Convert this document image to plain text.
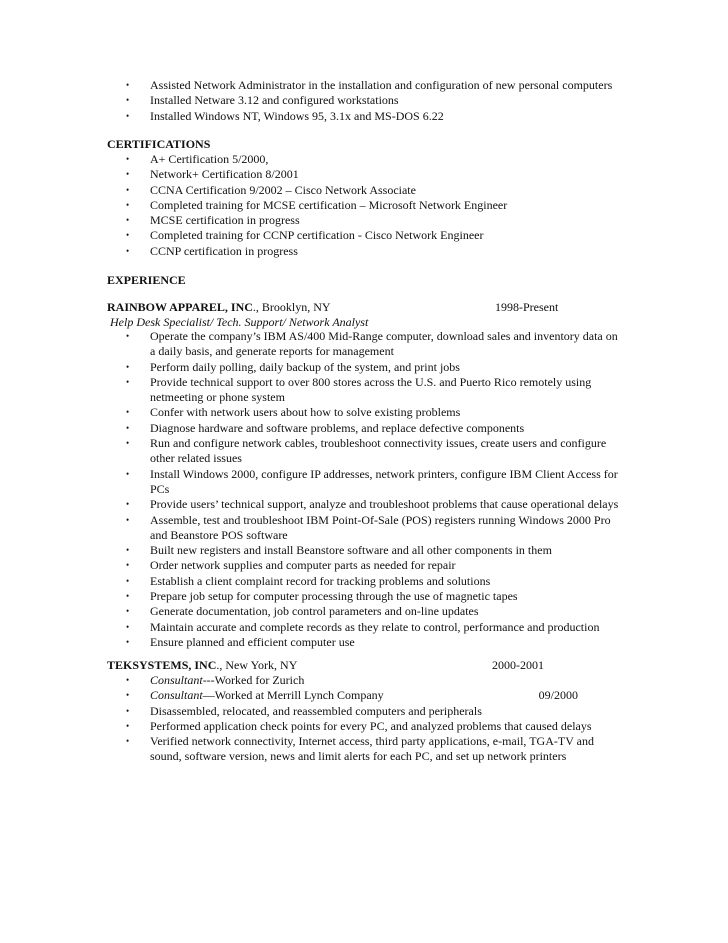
• Assisted Network Administrator in the installation and configuration of new personal computers
• Installed Netware 3.12 and configured workstations
• Installed Windows NT, Windows 95, 3.1x and MS-DOS 6.22
CERTIFICATIONS
• A+ Certification 5/2000,
• Network+ Certification 8/2001
• CCNA Certification 9/2002 – Cisco Network Associate
• Completed training for MCSE certification – Microsoft Network Engineer
• MCSE certification in progress
• Completed training for CCNP certification - Cisco Network Engineer
• CCNP certification in progress
EXPERIENCE
RAINBOW APPAREL, INC., Brooklyn, NY	1998-Present
Help Desk Specialist/ Tech. Support/ Network Analyst
• Operate the company’s IBM AS/400 Mid-Range computer, download sales and inventory data on a daily basis, and generate reports for management
• Perform daily polling, daily backup of the system, and print jobs
• Provide technical support to over 800 stores across the U.S. and Puerto Rico remotely using netmeeting or phone system
• Confer with network users about how to solve existing problems
• Diagnose hardware and software problems, and replace defective components
• Run and configure network cables, troubleshoot connectivity issues, create users and configure other related issues
• Install Windows 2000, configure IP addresses, network printers, configure IBM Client Access for PCs
• Provide users’ technical support, analyze and troubleshoot problems that cause operational delays
• Assemble, test and troubleshoot IBM Point-Of-Sale (POS) registers running Windows 2000 Pro and Beanstore POS software
• Built new registers and install Beanstore software and all other components in them
• Order network supplies and computer parts as needed for repair
• Establish a client complaint record for tracking problems and solutions
• Prepare job setup for computer processing through the use of magnetic tapes
• Generate documentation, job control parameters and on-line updates
• Maintain accurate and complete records as they relate to control, performance and production
• Ensure planned and efficient computer use
TEKSYSTEMS, INC., New York, NY	2000-2001
• Consultant---Worked for Zurich
• Consultant—Worked at Merrill Lynch Company	09/2000
• Disassembled, relocated, and reassembled computers and peripherals
• Performed application check points for every PC, and analyzed problems that caused delays
• Verified network connectivity, Internet access, third party applications, e-mail, TGA-TV and sound, software version, news and limit alerts for each PC, and set up network printers
